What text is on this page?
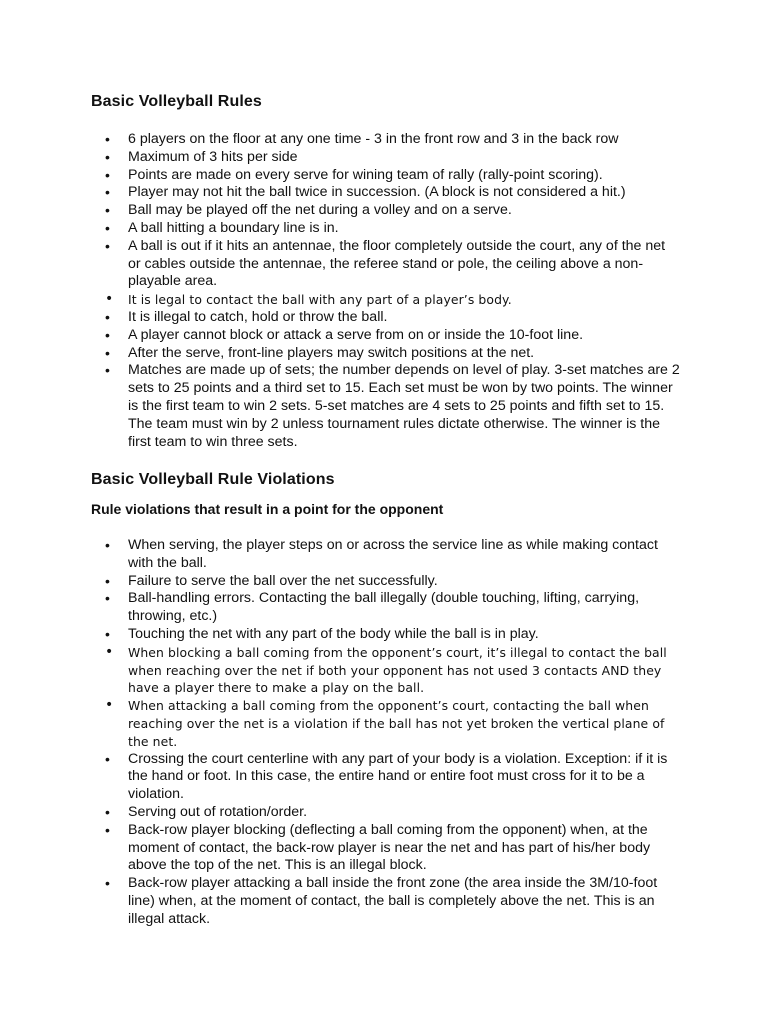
Basic Volleyball Rules
• 6 players on the floor at any one time - 3 in the front row and 3 in the back row
• Maximum of 3 hits per side
• Points are made on every serve for wining team of rally (rally-point scoring).
• Player may not hit the ball twice in succession. (A block is not considered a hit.)
• Ball may be played off the net during a volley and on a serve.
• A ball hitting a boundary line is in.
• A ball is out if it hits an antennae, the floor completely outside the court, any of the net or cables outside the antennae, the referee stand or pole, the ceiling above a non-playable area.
• It is legal to contact the ball with any part of a player’s body.
• It is illegal to catch, hold or throw the ball.
• A player cannot block or attack a serve from on or inside the 10-foot line.
• After the serve, front-line players may switch positions at the net.
• Matches are made up of sets; the number depends on level of play. 3-set matches are 2 sets to 25 points and a third set to 15. Each set must be won by two points. The winner is the first team to win 2 sets. 5-set matches are 4 sets to 25 points and fifth set to 15. The team must win by 2 unless tournament rules dictate otherwise. The winner is the first team to win three sets.
Basic Volleyball Rule Violations
Rule violations that result in a point for the opponent
• When serving, the player steps on or across the service line as while making contact with the ball.
• Failure to serve the ball over the net successfully.
• Ball-handling errors. Contacting the ball illegally (double touching, lifting, carrying, throwing, etc.)
• Touching the net with any part of the body while the ball is in play.
• When blocking a ball coming from the opponent’s court, it’s illegal to contact the ball when reaching over the net if both your opponent has not used 3 contacts AND they have a player there to make a play on the ball.
• When attacking a ball coming from the opponent’s court, contacting the ball when reaching over the net is a violation if the ball has not yet broken the vertical plane of the net.
• Crossing the court centerline with any part of your body is a violation. Exception: if it is the hand or foot. In this case, the entire hand or entire foot must cross for it to be a violation.
• Serving out of rotation/order.
• Back-row player blocking (deflecting a ball coming from the opponent) when, at the moment of contact, the back-row player is near the net and has part of his/her body above the top of the net. This is an illegal block.
• Back-row player attacking a ball inside the front zone (the area inside the 3M/10-foot line) when, at the moment of contact, the ball is completely above the net. This is an illegal attack.
